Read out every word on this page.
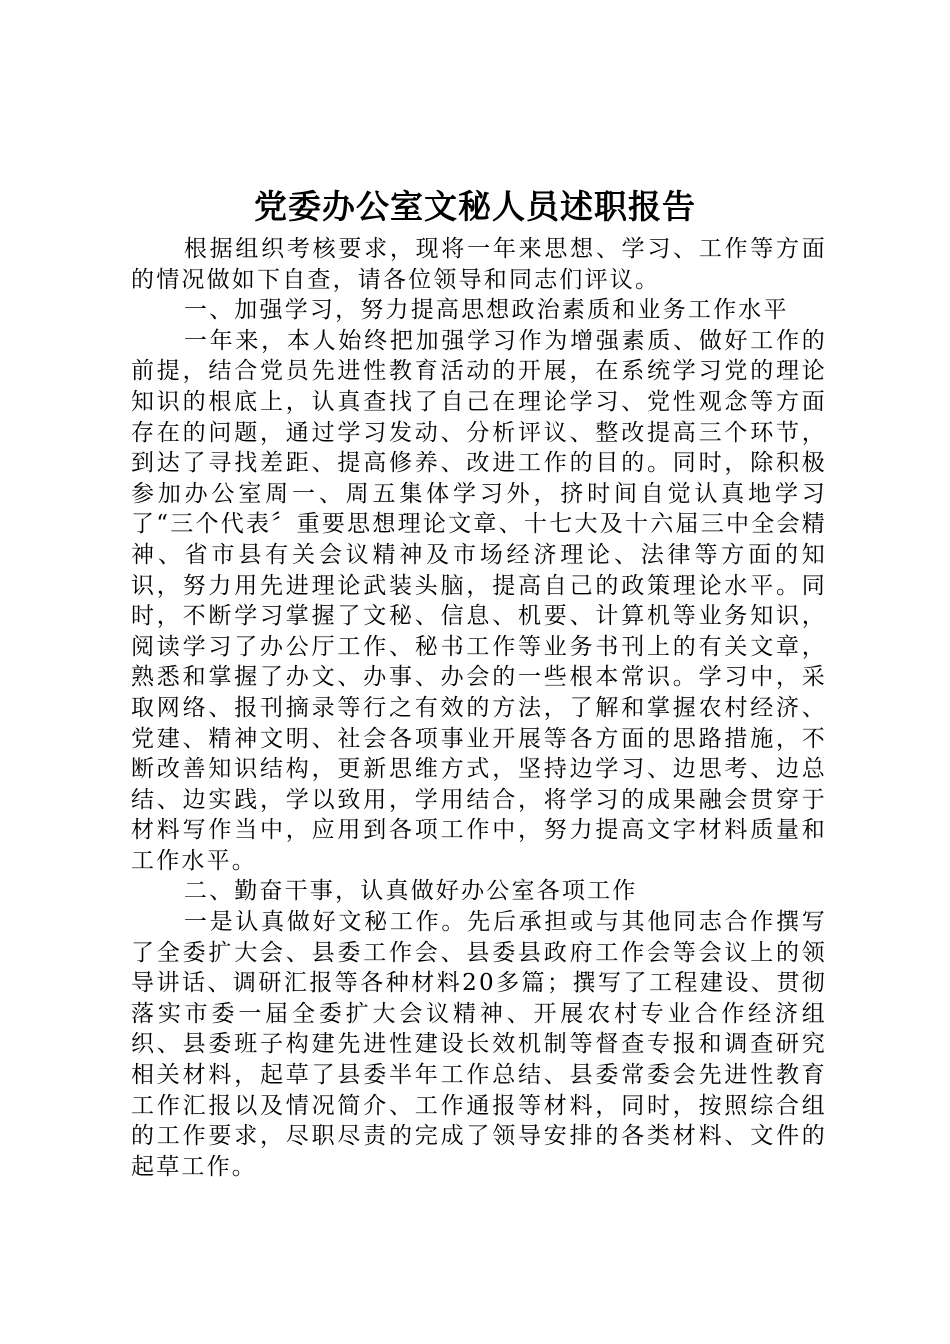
党委办公室文秘人员述职报告

根据组织考核要求，现将一年来思想、学习、工作等方面的情况做如下自查，请各位领导和同志们评议。

一、加强学习，努力提高思想政治素质和业务工作水平

一年来，本人始终把加强学习作为增强素质、做好工作的前提，结合党员先进性教育活动的开展，在系统学习党的理论知识的根底上，认真查找了自己在理论学习、党性观念等方面存在的问题，通过学习发动、分析评议、整改提高三个环节，到达了寻找差距、提高修养、改进工作的目的。同时，除积极参加办公室周一、周五集体学习外，挤时间自觉认真地学习了“三个代表〞重要思想理论文章、十七大及十六届三中全会精神、省市县有关会议精神及市场经济理论、法律等方面的知识，努力用先进理论武装头脑，提高自己的政策理论水平。同时，不断学习掌握了文秘、信息、机要、计算机等业务知识，阅读学习了办公厅工作、秘书工作等业务书刊上的有关文章，熟悉和掌握了办文、办事、办会的一些根本常识。学习中，采取网络、报刊摘录等行之有效的方法，了解和掌握农村经济、党建、精神文明、社会各项事业开展等各方面的思路措施，不断改善知识结构，更新思维方式，坚持边学习、边思考、边总结、边实践，学以致用，学用结合，将学习的成果融会贯穿于材料写作当中，应用到各项工作中，努力提高文字材料质量和工作水平。

二、勤奋干事，认真做好办公室各项工作

一是认真做好文秘工作。先后承担或与其他同志合作撰写了全委扩大会、县委工作会、县委县政府工作会等会议上的领导讲话、调研汇报等各种材料20多篇；撰写了工程建设、贯彻落实市委一届全委扩大会议精神、开展农村专业合作经济组织、县委班子构建先进性建设长效机制等督查专报和调查研究相关材料，起草了县委半年工作总结、县委常委会先进性教育工作汇报以及情况简介、工作通报等材料，同时，按照综合组的工作要求，尽职尽责的完成了领导安排的各类材料、文件的起草工作。
